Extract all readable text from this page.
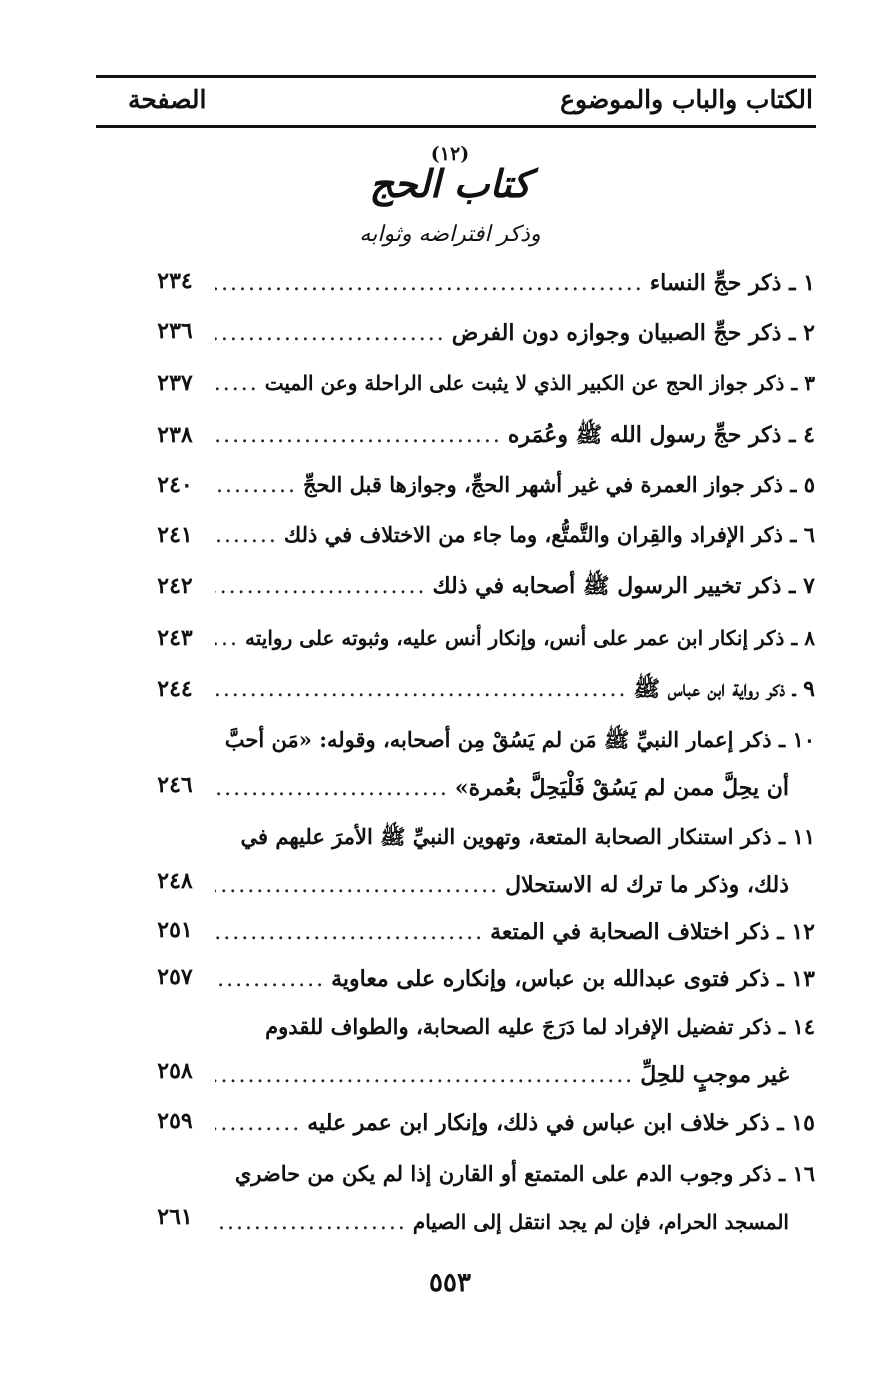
الكتاب والباب والموضوع
الصفحة
(١٢)
كتاب الحج
وذكر افتراضه وثوابه
١ ـ ذكر حجِّ النساء
.....
٢٣٤
٢ ـ ذكر حجِّ الصبيان وجوازه دون الفرض
.....
٢٣٦
٣ ـ ذكر جواز الحج عن الكبير الذي لا يثبت على الراحلة وعن الميت
.....
٢٣٧
٤ ـ ذكر حجِّ رسول الله ﷺ وعُمَره
.....
٢٣٨
٥ ـ ذكر جواز العمرة في غير أشهر الحجِّ، وجوازها قبل الحجِّ
.....
٢٤٠
٦ ـ ذكر الإفراد والقِران والتَّمتُّع، وما جاء من الاختلاف في ذلك
.....
٢٤١
٧ ـ ذكر تخيير الرسول ﷺ أصحابه في ذلك
.....
٢٤٢
٨ ـ ذكر إنكار ابن عمر على أنس، وإنكار أنس عليه، وثبوته على روايته
.....
٢٤٣
٩ ـ ذكر رواية ابن عباس ﷺ
.....
٢٤٤
١٠ ـ ذكر إعمار النبيِّ ﷺ مَن لم يَسُقْ مِن أصحابه، وقوله: «مَن أحبَّ
أن يحِلَّ ممن لم يَسُقْ فَلْيَحِلَّ بعُمرة»
.....
٢٤٦
١١ ـ ذكر استنكار الصحابة المتعة، وتهوين النبيِّ ﷺ الأمرَ عليهم في
ذلك، وذكر ما ترك له الاستحلال
.....
٢٤٨
١٢ ـ ذكر اختلاف الصحابة في المتعة
.....
٢٥١
١٣ ـ ذكر فتوى عبدالله بن عباس، وإنكاره على معاوية
.....
٢٥٧
١٤ ـ ذكر تفضيل الإفراد لما دَرَجَ عليه الصحابة، والطواف للقدوم
غير موجبٍ للحِلِّ
.....
٢٥٨
١٥ ـ ذكر خلاف ابن عباس في ذلك، وإنكار ابن عمر عليه
.....
٢٥٩
١٦ ـ ذكر وجوب الدم على المتمتع أو القارن إذا لم يكن من حاضري
المسجد الحرام، فإن لم يجد انتقل إلى الصيام
.....
٢٦١
٥٥٣
